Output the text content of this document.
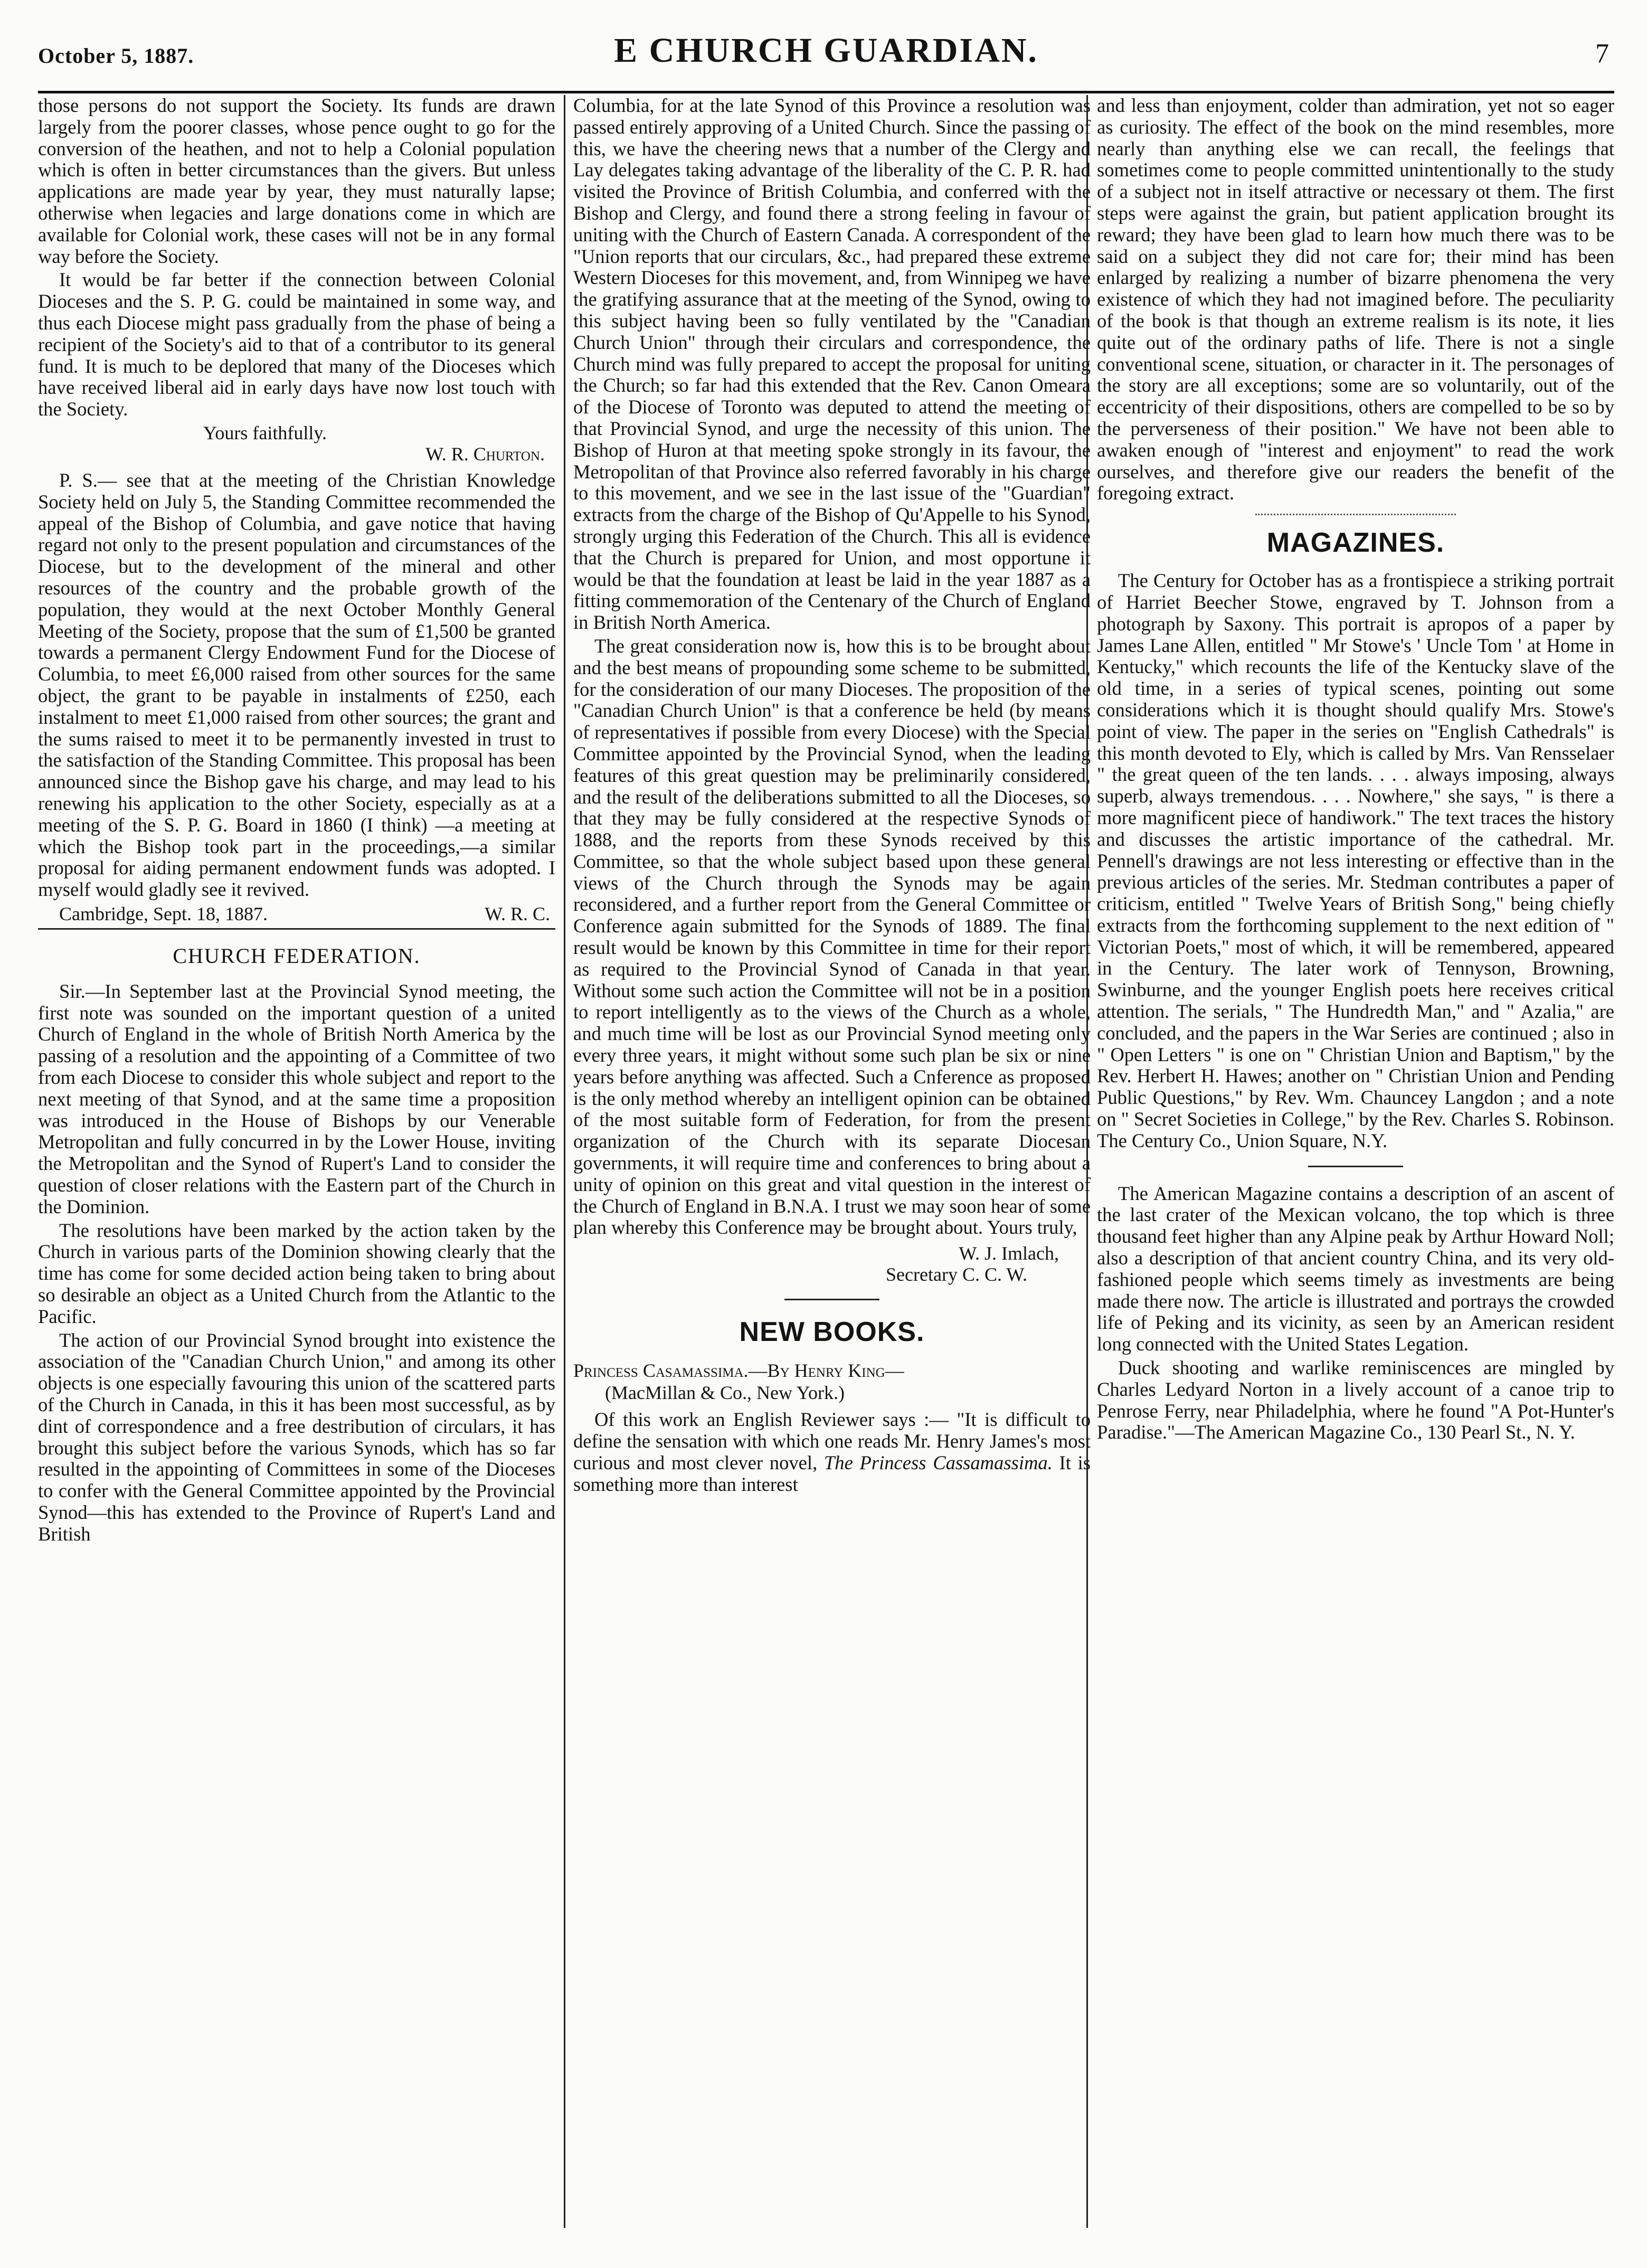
October 5, 1887.	E CHURCH GUARDIAN.	7

those persons do not support the Society. Its funds are drawn largely from the poorer classes, whose pence ought to go for the conversion of the heathen, and not to help a Colonial population which is often in better circumstances than the givers. But unless applications are made year by year, they must naturally lapse; otherwise when legacies and large donations come in which are available for Colonial work, these cases will not be in any formal way before the Society.

It would be far better if the connection between Colonial Dioceses and the S. P. G. could be maintained in some way, and thus each Diocese might pass gradually from the phase of being a recipient of the Society's aid to that of a contributor to its general fund. It is much to be deplored that many of the Dioceses which have received liberal aid in early days have now lost touch with the Society.

Yours faithfully.
W. R. Churton.

P. S.— see that at the meeting of the Christian Knowledge Society held on July 5, the Standing Committee recommended the appeal of the Bishop of Columbia, and gave notice that having regard not only to the present population and circumstances of the Diocese, but to the development of the mineral and other resources of the country and the probable growth of the population, they would at the next October Monthly General Meeting of the Society, propose that the sum of £1,500 be granted towards a permanent Clergy Endowment Fund for the Diocese of Columbia, to meet £6,000 raised from other sources for the same object, the grant to be payable in instalments of £250, each instalment to meet £1,000 raised from other sources; the grant and the sums raised to meet it to be permanently invested in trust to the satisfaction of the Standing Committee. This proposal has been announced since the Bishop gave his charge, and may lead to his renewing his application to the other Society, especially as at a meeting of the S. P. G. Board in 1860 (I think) —a meeting at which the Bishop took part in the proceedings,—a similar proposal for aiding permanent endowment funds was adopted. I myself would gladly see it revived.

Cambridge, Sept. 18, 1887.	W. R. C.
CHURCH FEDERATION.

Sir.—In September last at the Provincial Synod meeting, the first note was sounded on the important question of a united Church of England in the whole of British North America by the passing of a resolution and the appointing of a Committee of two from each Diocese to consider this whole subject and report to the next meeting of that Synod, and at the same time a proposition was introduced in the House of Bishops by our Venerable Metropolitan and fully concurred in by the Lower House, inviting the Metropolitan and the Synod of Rupert's Land to consider the question of closer relations with the Eastern part of the Church in the Dominion.

The resolutions have been marked by the action taken by the Church in various parts of the Dominion showing clearly that the time has come for some decided action being taken to bring about so desirable an object as a United Church from the Atlantic to the Pacific.

The action of our Provincial Synod brought into existence the association of the "Canadian Church Union," and among its other objects is one especially favouring this union of the scattered parts of the Church in Canada, in this it has been most successful, as by dint of correspondence and a free destribution of circulars, it has brought this subject before the various Synods, which has so far resulted in the appointing of Committees in some of the Dioceses to confer with the General Committee appointed by the Provincial Synod—this has extended to the Province of Rupert's Land and British

Columbia, for at the late Synod of this Province a resolution was passed entirely approving of a United Church. Since the passing of this, we have the cheering news that a number of the Clergy and Lay delegates taking advantage of the liberality of the C. P. R. had visited the Province of British Columbia, and conferred with the Bishop and Clergy, and found there a strong feeling in favour of uniting with the Church of Eastern Canada. A correspondent of the "Union reports that our circulars, &c., had prepared these extreme Western Dioceses for this movement, and, from Winnipeg we have the gratifying assurance that at the meeting of the Synod, owing to this subject having been so fully ventilated by the "Canadian Church Union" through their circulars and correspondence, the Church mind was fully prepared to accept the proposal for uniting the Church; so far had this extended that the Rev. Canon Omeara of the Diocese of Toronto was deputed to attend the meeting of that Provincial Synod, and urge the necessity of this union. The Bishop of Huron at that meeting spoke strongly in its favour, the Metropolitan of that Province also referred favorably in his charge to this movement, and we see in the last issue of the "Guardian" extracts from the charge of the Bishop of Qu'Appelle to his Synod, strongly urging this Federation of the Church. This all is evidence that the Church is prepared for Union, and most opportune it would be that the foundation at least be laid in the year 1887 as a fitting commemoration of the Centenary of the Church of England in British North America.

The great consideration now is, how this is to be brought about and the best means of propounding some scheme to be submitted, for the consideration of our many Dioceses. The proposition of the "Canadian Church Union" is that a conference be held (by means of representatives if possible from every Diocese) with the Special Committee appointed by the Provincial Synod, when the leading features of this great question may be preliminarily considered, and the result of the deliberations submitted to all the Dioceses, so that they may be fully considered at the respective Synods of 1888, and the reports from these Synods received by this Committee, so that the whole subject based upon these general views of the Church through the Synods may be again reconsidered, and a further report from the General Committee or Conference again submitted for the Synods of 1889. The final result would be known by this Committee in time for their report as required to the Provincial Synod of Canada in that year. Without some such action the Committee will not be in a position to report intelligently as to the views of the Church as a whole, and much time will be lost as our Provincial Synod meeting only every three years, it might without some such plan be six or nine years before anything was affected. Such a Cnference as proposed is the only method whereby an intelligent opinion can be obtained of the most suitable form of Federation, for from the present organization of the Church with its separate Diocesan governments, it will require time and conferences to bring about a unity of opinion on this great and vital question in the interest of the Church of England in B.N.A. I trust we may soon hear of some plan whereby this Conference may be brought about. Yours truly,

W. J. Imlach,
Secretary C. C. W.
NEW BOOKS.

Princess Casamassima.—By Henry King—
(MacMillan & Co., New York.)

Of this work an English Reviewer says :— "It is difficult to define the sensation with which one reads Mr. Henry James's most curious and most clever novel, The Princess Cassamassima. It is something more than interest

and less than enjoyment, colder than admiration, yet not so eager as curiosity. The effect of the book on the mind resembles, more nearly than anything else we can recall, the feelings that sometimes come to people committed unintentionally to the study of a subject not in itself attractive or necessary ot them. The first steps were against the grain, but patient application brought its reward; they have been glad to learn how much there was to be said on a subject they did not care for; their mind has been enlarged by realizing a number of bizarre phenomena the very existence of which they had not imagined before. The peculiarity of the book is that though an extreme realism is its note, it lies quite out of the ordinary paths of life. There is not a single conventional scene, situation, or character in it. The personages of the story are all exceptions; some are so voluntarily, out of the eccentricity of their dispositions, others are compelled to be so by the perverseness of their position." We have not been able to awaken enough of "interest and enjoyment" to read the work ourselves, and therefore give our readers the benefit of the foregoing extract.

MAGAZINES.

The Century for October has as a frontispiece a striking portrait of Harriet Beecher Stowe, engraved by T. Johnson from a photograph by Saxony. This portrait is apropos of a paper by James Lane Allen, entitled " Mr Stowe's ' Uncle Tom ' at Home in Kentucky," which recounts the life of the Kentucky slave of the old time, in a series of typical scenes, pointing out some considerations which it is thought should qualify Mrs. Stowe's point of view. The paper in the series on "English Cathedrals" is this month devoted to Ely, which is called by Mrs. Van Rensselaer " the great queen of the ten lands. . . . always imposing, always superb, always tremendous. . . . Nowhere," she says, " is there a more magnificent piece of handiwork." The text traces the history and discusses the artistic importance of the cathedral. Mr. Pennell's drawings are not less interesting or effective than in the previous articles of the series. Mr. Stedman contributes a paper of criticism, entitled " Twelve Years of British Song," being chiefly extracts from the forthcoming supplement to the next edition of " Victorian Poets," most of which, it will be remembered, appeared in the Century. The later work of Tennyson, Browning, Swinburne, and the younger English poets here receives critical attention. The serials, " The Hundredth Man," and " Azalia," are concluded, and the papers in the War Series are continued ; also in " Open Letters " is one on " Christian Union and Baptism," by the Rev. Herbert H. Hawes; another on " Christian Union and Pending Public Questions," by Rev. Wm. Chauncey Langdon ; and a note on " Secret Societies in College," by the Rev. Charles S. Robinson. The Century Co., Union Square, N.Y.

The American Magazine contains a description of an ascent of the last crater of the Mexican volcano, the top which is three thousand feet higher than any Alpine peak by Arthur Howard Noll; also a description of that ancient country China, and its very old-fashioned people which seems timely as investments are being made there now. The article is illustrated and portrays the crowded life of Peking and its vicinity, as seen by an American resident long connected with the United States Legation.

Duck shooting and warlike reminiscences are mingled by Charles Ledyard Norton in a lively account of a canoe trip to Penrose Ferry, near Philadelphia, where he found "A Pot-Hunter's Paradise."—The American Magazine Co., 130 Pearl St., N. Y.
